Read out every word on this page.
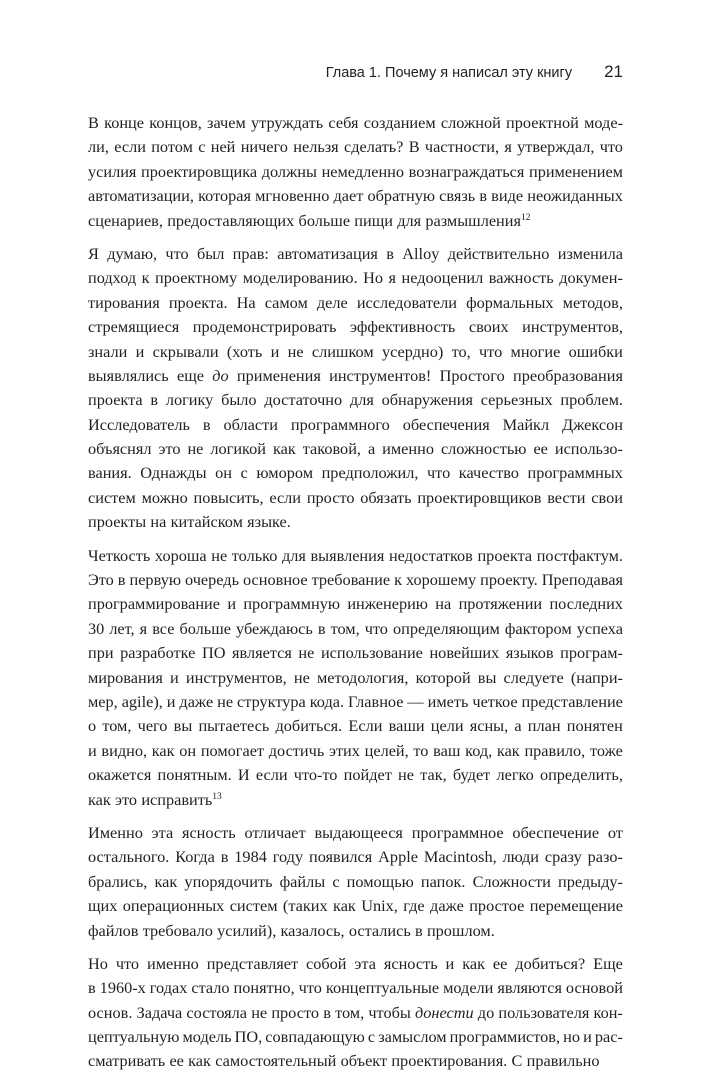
Глава 1. Почему я написал эту книгу 21
В конце концов, зачем утруждать себя созданием сложной проектной моде-
ли, если потом с ней ничего нельзя сделать? В частности, я утверждал, что
усилия проектировщика должны немедленно вознаграждаться применением
автоматизации, которая мгновенно дает обратную связь в виде неожиданных
сценариев, предоставляющих больше пищи для размышления$^{12}$
Я думаю, что был прав: автоматизация в Alloy действительно изменила
подход к проектному моделированию. Но я недооценил важность докумен-
тирования проекта. На самом деле исследователи формальных методов,
стремящиеся продемонстрировать эффективность своих инструментов,
знали и скрывали (хоть и не слишком усердно) то, что многие ошибки
выявлялись еще до применения инструментов! Простого преобразования
проекта в логику было достаточно для обнаружения серьезных проблем.
Исследователь в области программного обеспечения Майкл Джексон
объяснял это не логикой как таковой, а именно сложностью ее использо-
вания. Однажды он с юмором предположил, что качество программных
систем можно повысить, если просто обязать проектировщиков вести свои
проекты на китайском языке.
Четкость хороша не только для выявления недостатков проекта постфактум.
Это в первую очередь основное требование к хорошему проекту. Преподавая
программирование и программную инженерию на протяжении последних
30 лет, я все больше убеждаюсь в том, что определяющим фактором успеха
при разработке ПО является не использование новейших языков програм-
мирования и инструментов, не методология, которой вы следуете (напри-
мер, agile), и даже не структура кода. Главное — иметь четкое представление
о том, чего вы пытаетесь добиться. Если ваши цели ясны, а план понятен
и видно, как он помогает достичь этих целей, то ваш код, как правило, тоже
окажется понятным. И если что-то пойдет не так, будет легко определить,
как это исправить$^{13}$
Именно эта ясность отличает выдающееся программное обеспечение от
остального. Когда в 1984 году появился Apple Macintosh, люди сразу разо-
брались, как упорядочить файлы с помощью папок. Сложности предыду-
щих операционных систем (таких как Unix, где даже простое перемещение
файлов требовало усилий), казалось, остались в прошлом.
Но что именно представляет собой эта ясность и как ее добиться? Еще
в 1960-х годах стало понятно, что концептуальные модели являются основой
основ. Задача состояла не просто в том, чтобы донести до пользователя кон-
цептуальную модель ПО, совпадающую с замыслом программистов, но и рас-
сматривать ее как самостоятельный объект проектирования. С правильно
